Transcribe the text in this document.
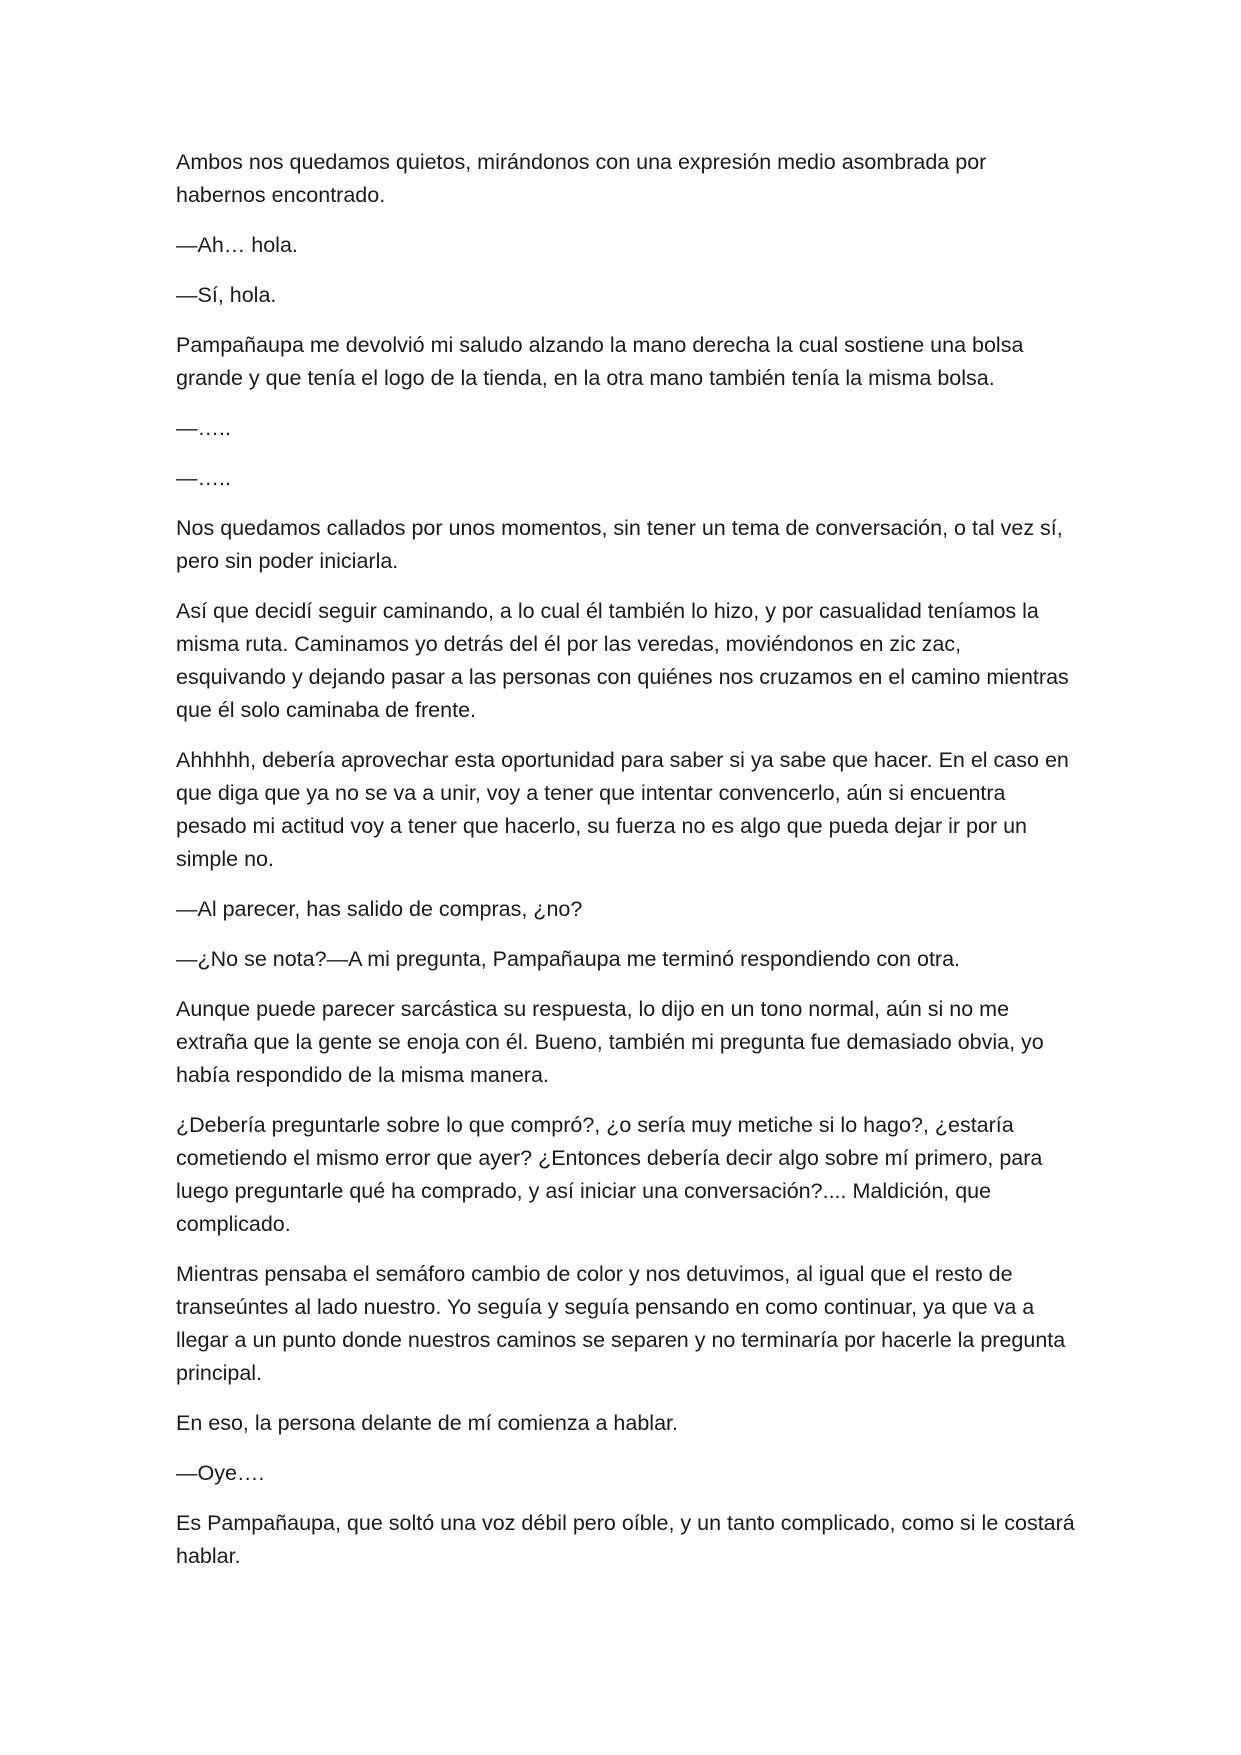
Ambos nos quedamos quietos, mirándonos con una expresión medio asombrada por habernos encontrado.

—Ah… hola.

—Sí, hola.

Pampañaupa me devolvió mi saludo alzando la mano derecha la cual sostiene una bolsa grande y que tenía el logo de la tienda, en la otra mano también tenía la misma bolsa.

—…..

—…..

Nos quedamos callados por unos momentos, sin tener un tema de conversación, o tal vez sí, pero sin poder iniciarla.

Así que decidí seguir caminando, a lo cual él también lo hizo, y por casualidad teníamos la misma ruta. Caminamos yo detrás del él por las veredas, moviéndonos en zic zac, esquivando y dejando pasar a las personas con quiénes nos cruzamos en el camino mientras que él solo caminaba de frente.

Ahhhhh, debería aprovechar esta oportunidad para saber si ya sabe que hacer. En el caso en que diga que ya no se va a unir, voy a tener que intentar convencerlo, aún si encuentra pesado mi actitud voy a tener que hacerlo, su fuerza no es algo que pueda dejar ir por un simple no.

—Al parecer, has salido de compras, ¿no?

—¿No se nota?—A mi pregunta, Pampañaupa me terminó respondiendo con otra.

Aunque puede parecer sarcástica su respuesta, lo dijo en un tono normal, aún si no me extraña que la gente se enoja con él. Bueno, también mi pregunta fue demasiado obvia, yo había respondido de la misma manera.

¿Debería preguntarle sobre lo que compró?, ¿o sería muy metiche si lo hago?, ¿estaría cometiendo el mismo error que ayer? ¿Entonces debería decir algo sobre mí primero, para luego preguntarle qué ha comprado, y así iniciar una conversación?.... Maldición, que complicado.

Mientras pensaba el semáforo cambio de color y nos detuvimos, al igual que el resto de transeúntes al lado nuestro. Yo seguía y seguía pensando en como continuar, ya que va a llegar a un punto donde nuestros caminos se separen y no terminaría por hacerle la pregunta principal.

En eso, la persona delante de mí comienza a hablar.

—Oye….

Es Pampañaupa, que soltó una voz débil pero oíble, y un tanto complicado, como si le costará hablar.
